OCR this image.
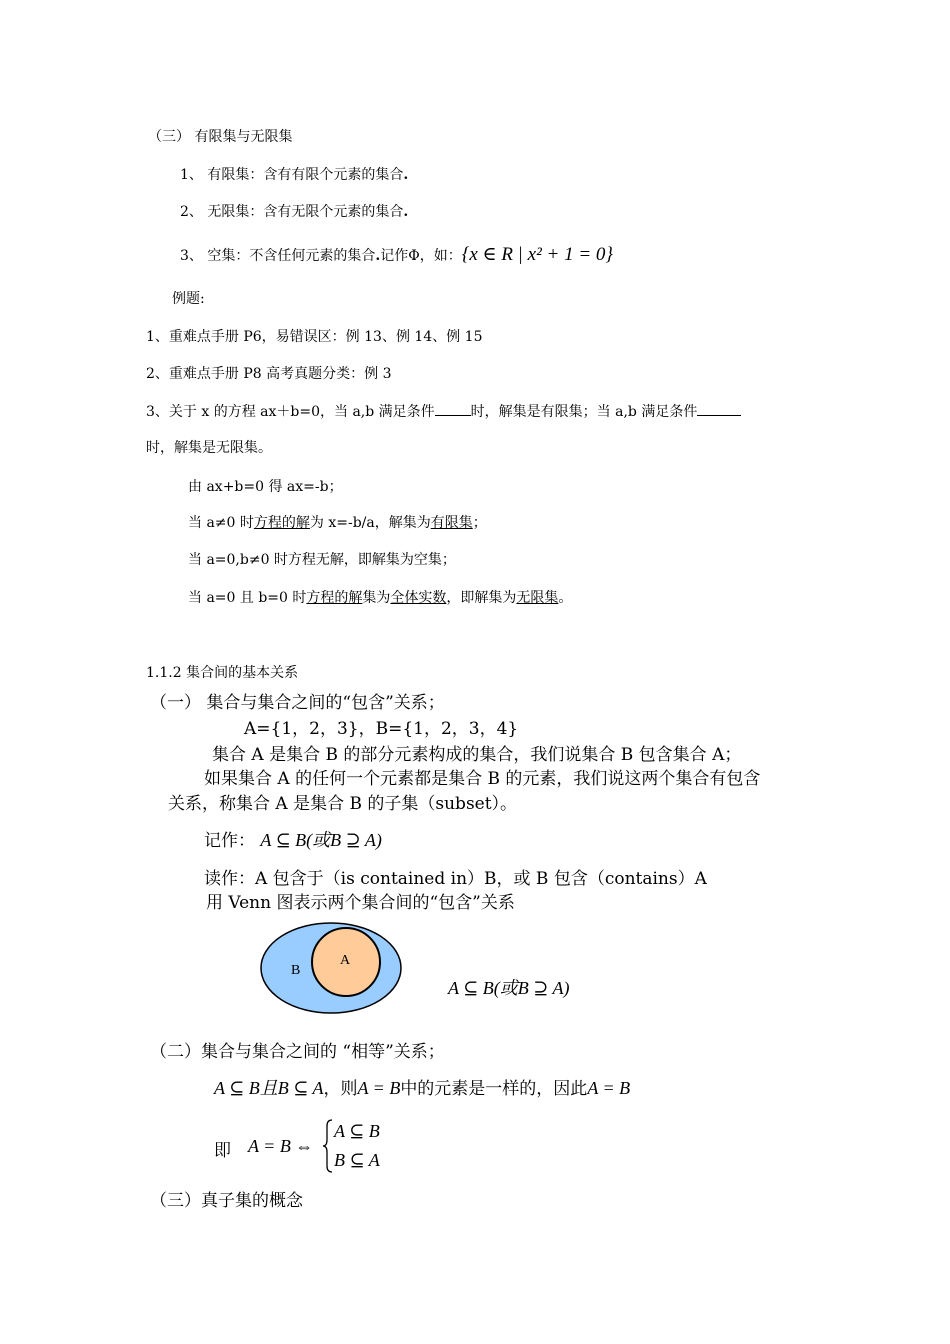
（三） 有限集与无限集
1、 有限集：含有有限个元素的集合.
2、 无限集：含有无限个元素的集合.
3、 空集：不含任何元素的集合.记作Φ，如：{x ∈ R | x² + 1 = 0}
例题:
1、重难点手册 P6，易错误区：例 13、例 14、例 15
2、重难点手册 P8 高考真题分类：例 3
3、关于 x 的方程 ax＋b=0，当 a,b 满足条件	时，解集是有限集；当 a,b 满足条件
时，解集是无限集。
由 ax+b=0 得 ax=-b；
当 a≠0 时方程的解为 x=-b/a，解集为有限集；
当 a=0,b≠0 时方程无解，即解集为空集；
当 a=0 且 b=0 时方程的解集为全体实数，即解集为无限集。
1.1.2 集合间的基本关系
（一） 集合与集合之间的“包含”关系；
A={1，2，3}，B={1，2，3，4}
集合 A 是集合 B 的部分元素构成的集合，我们说集合 B 包含集合 A；
如果集合 A 的任何一个元素都是集合 B 的元素，我们说这两个集合有包含
关系，称集合 A 是集合 B 的子集（subset）。
记作： A ⊆ B(或B ⊇ A)
读作：A 包含于（is contained in）B，或 B 包含（contains）A
用 Venn 图表示两个集合间的“包含”关系
B
A
A ⊆ B(或B ⊇ A)
（二）集合与集合之间的 “相等”关系；
A ⊆ B且B ⊆ A，则A = B中的元素是一样的，因此A = B
即 A = B ⇔
A ⊆ B
B ⊆ A
（三）真子集的概念
